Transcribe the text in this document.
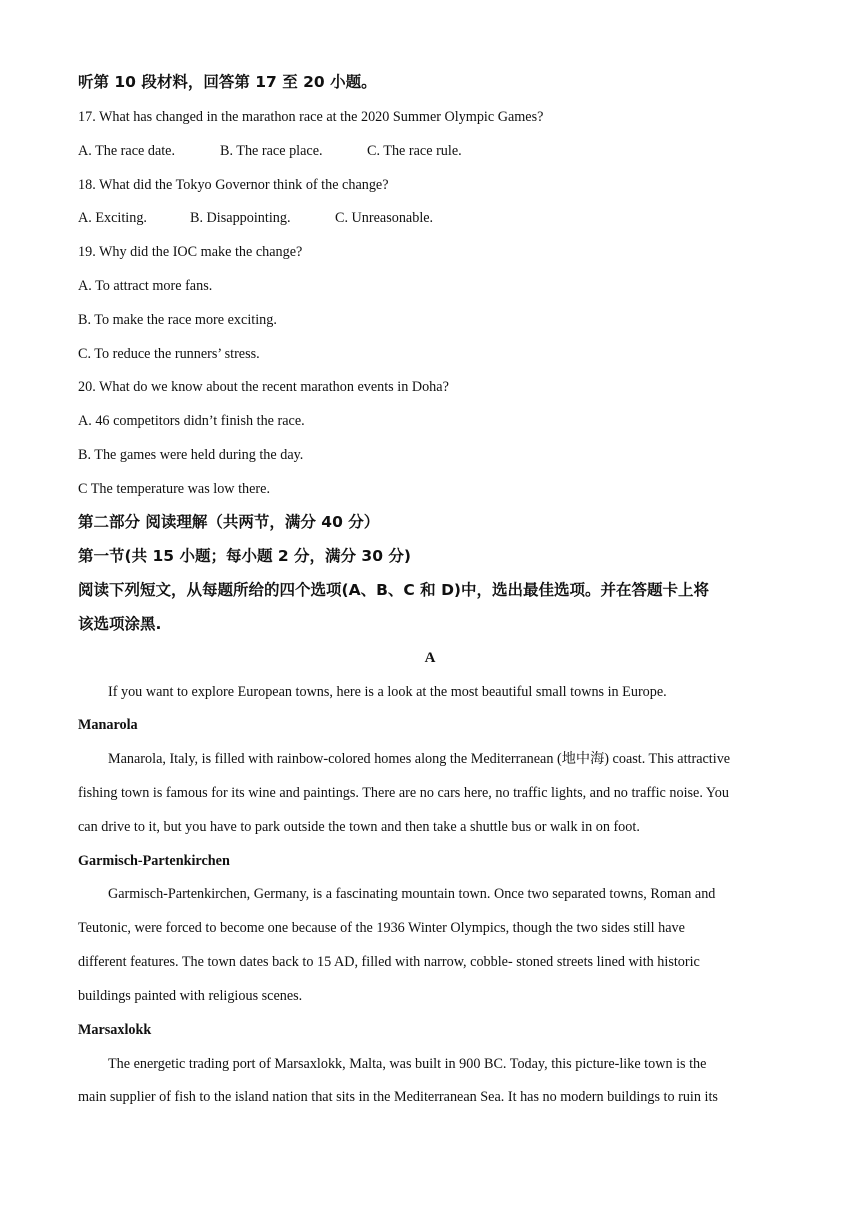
听第 10 段材料，回答第 17 至 20 小题。
17. What has changed in the marathon race at the 2020 Summer Olympic Games?
A. The race date.	B. The race place.	C. The race rule.
18. What did the Tokyo Governor think of the change?
A. Exciting.	B. Disappointing.	C. Unreasonable.
19. Why did the IOC make the change?
A. To attract more fans.
B. To make the race more exciting.
C. To reduce the runners’ stress.
20. What do we know about the recent marathon events in Doha?
A. 46 competitors didn’t finish the race.
B. The games were held during the day.
C The temperature was low there.
第二部分 阅读理解（共两节，满分 40 分）
第一节(共 15 小题；每小题 2 分，满分 30 分)
阅读下列短文，从每题所给的四个选项(A、B、C 和 D)中，选出最佳选项。并在答题卡上将
该选项涂黑.
A
If you want to explore European towns, here is a look at the most beautiful small towns in Europe.
Manarola
Manarola, Italy, is filled with rainbow-colored homes along the Mediterranean (地中海) coast. This attractive
fishing town is famous for its wine and paintings. There are no cars here, no traffic lights, and no traffic noise. You
can drive to it, but you have to park outside the town and then take a shuttle bus or walk in on foot.
Garmisch-Partenkirchen
Garmisch-Partenkirchen, Germany, is a fascinating mountain town. Once two separated towns, Roman and
Teutonic, were forced to become one because of the 1936 Winter Olympics, though the two sides still have
different features. The town dates back to 15 AD, filled with narrow, cobble- stoned streets lined with historic
buildings painted with religious scenes.
Marsaxlokk
The energetic trading port of Marsaxlokk, Malta, was built in 900 BC. Today, this picture-like town is the
main supplier of fish to the island nation that sits in the Mediterranean Sea. It has no modern buildings to ruin its
